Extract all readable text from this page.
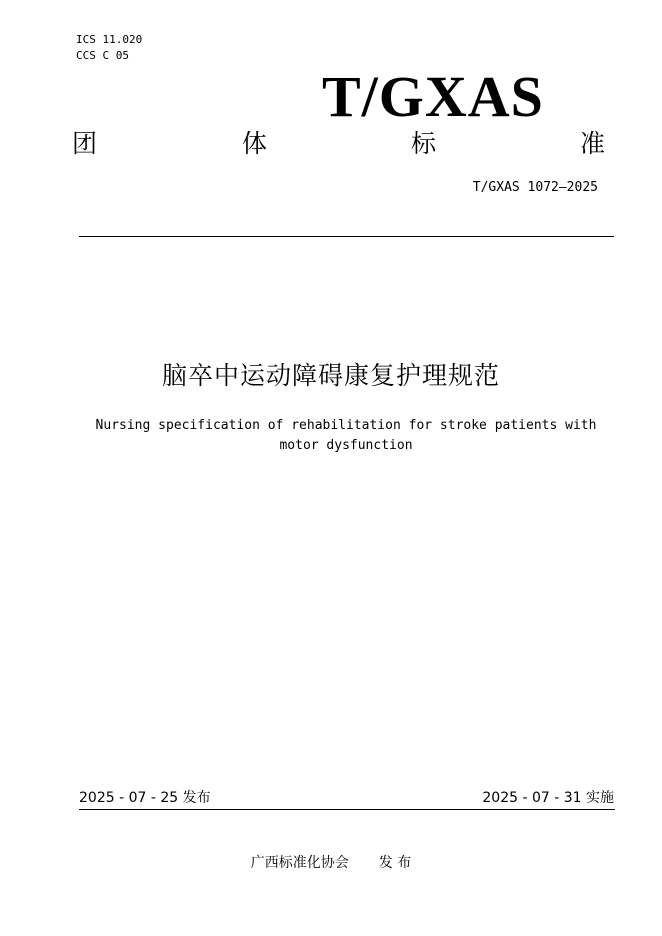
ICS 11.020
CCS C 05
T/GXAS
团	体	标	准
T/GXAS 1072—2025
脑卒中运动障碍康复护理规范
Nursing specification of rehabilitation for stroke patients with
motor dysfunction
2025 - 07 - 25 发布	2025 - 07 - 31 实施
广西标准化协会 发 布
